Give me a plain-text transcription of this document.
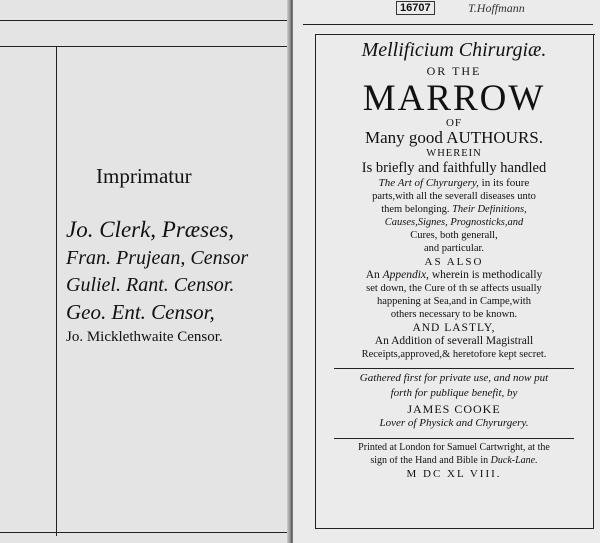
Imprimatur
Jo. Clerk, Præses,
Fran. Prujean, Censor
Guliel. Rant. Censor.
Geo. Ent. Censor,
Jo. Micklethwaite Censor.
16707	T.Hoffmann
Mellificium Chirurgiæ.
OR THE
MARROW
OF
Many good AUTHOURS.
WHEREIN
Is briefly and faithfully handled
The Art of Chyrurgery, in its foure
parts,with all the severall diseases unto
them belonging. Their Definitions,
Causes,Signes, Prognosticks,and
Cures, both generall,
and particular.
AS ALSO
An Appendix, wherein is methodically
set down, the Cure of th se affects usually
happening at Sea,and in Campe,with
others necessary to be known.
AND LASTLY,
An Addition of severall Magistrall
Receipts,approved,& heretofore kept secret.
Gathered first for private use, and now put
forth for publique benefit, by
JAMES COOKE
Lover of Physick and Chyrurgery.
Printed at London for Samuel Cartwright, at the
sign of the Hand and Bible in Duck-Lane.
M DC XL VIII.
